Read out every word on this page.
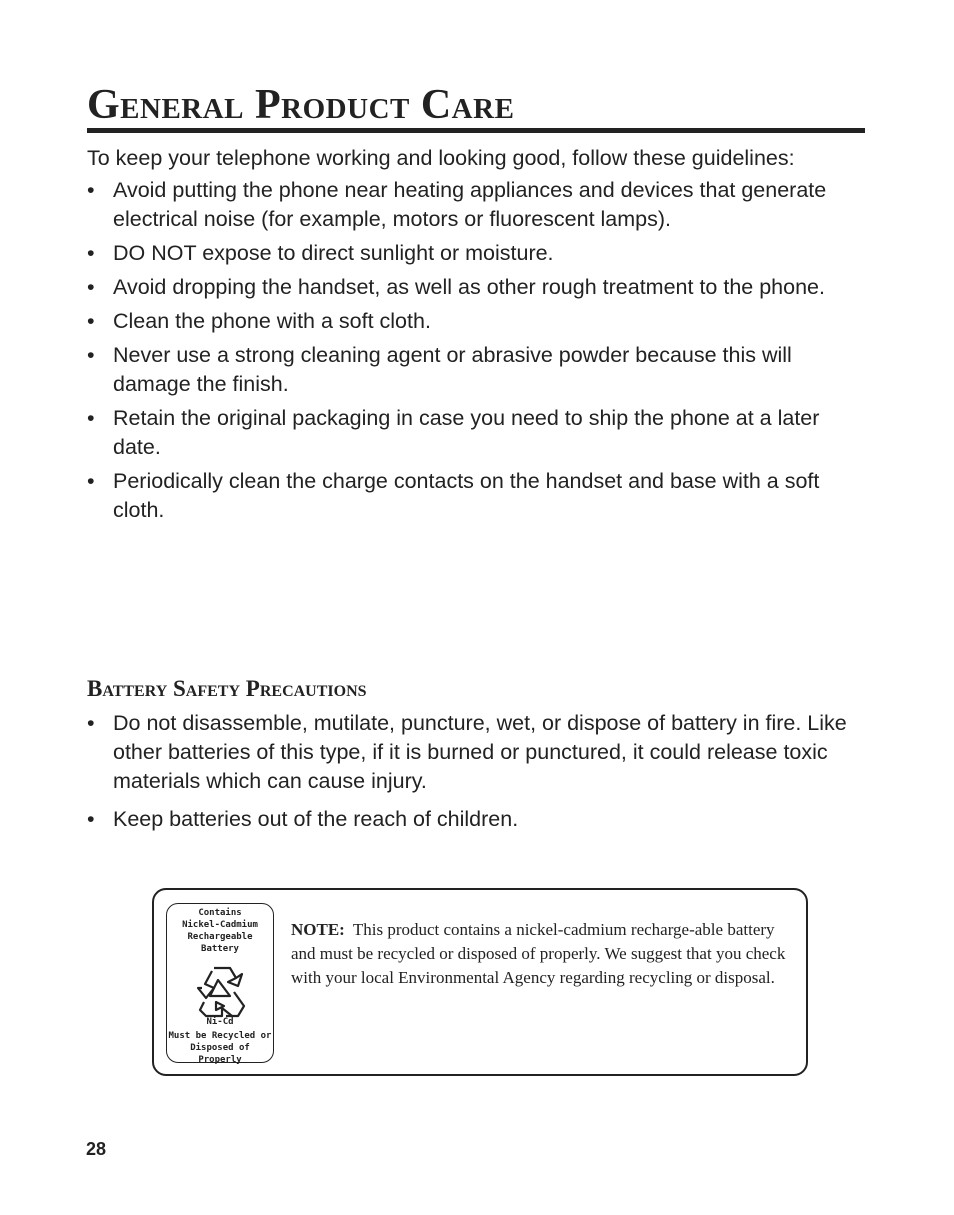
General Product Care

To keep your telephone working and looking good, follow these guidelines:

• Avoid putting the phone near heating appliances and devices that generate electrical noise (for example, motors or fluorescent lamps).
• DO NOT expose to direct sunlight or moisture.
• Avoid dropping the handset, as well as other rough treatment to the phone.
• Clean the phone with a soft cloth.
• Never use a strong cleaning agent or abrasive powder because this will damage the finish.
• Retain the original packaging in case you need to ship the phone at a later date.
• Periodically clean the charge contacts on the handset and base with a soft cloth.
Battery Safety Precautions
• Do not disassemble, mutilate, puncture, wet, or dispose of battery in fire. Like other batteries of this type, if it is burned or punctured, it could release toxic materials which can cause injury.
• Keep batteries out of the reach of children.
Contains
Nickel-Cadmium
Rechargeable Battery
Ni-Cd
Must be Recycled or
Disposed of Properly

NOTE: This product contains a nickel-cadmium recharge-able battery and must be recycled or disposed of properly. We suggest that you check with your local Environmental Agency regarding recycling or disposal.

28
